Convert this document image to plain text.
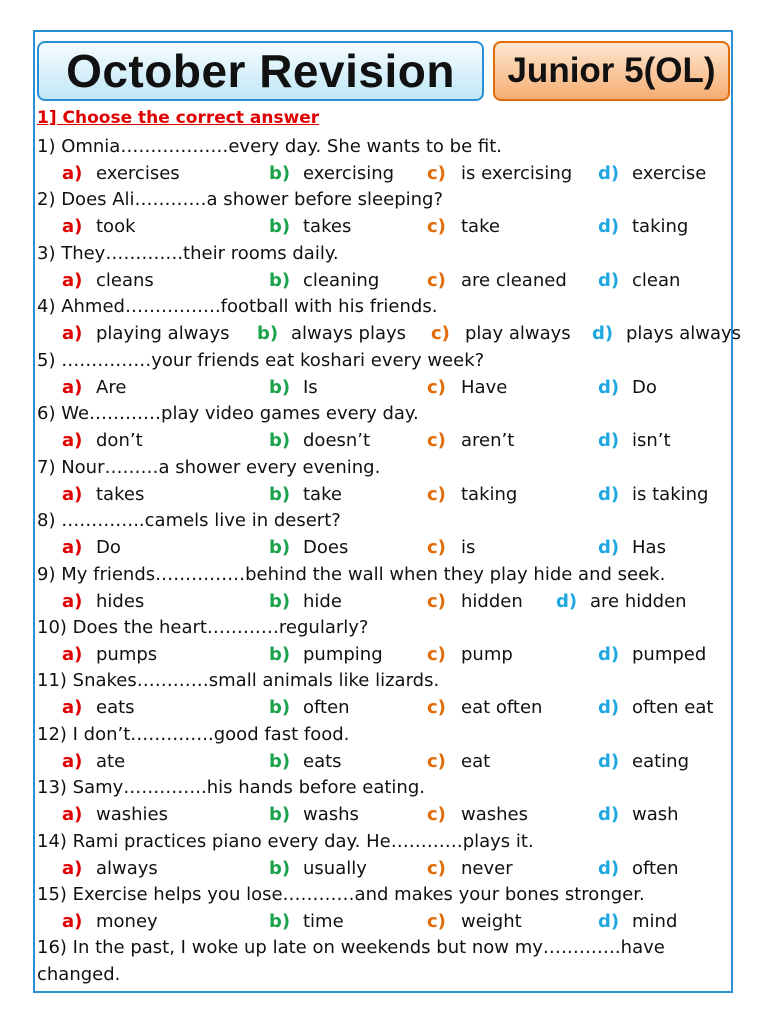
October Revision Junior 5(OL)
1] Choose the correct answer
1) Omnia………………every day. She wants to be fit.
a) exercises	b) exercising c) is exercising d) exercise
2) Does Ali…………a shower before sleeping?
a) took	b) takes	c) take	d) taking
3) They………….their rooms daily.
a) cleans	b) cleaning	c) are cleaned d) clean
4) Ahmed…………….football with his friends.
a) playing always b) always plays c) play always d) plays always
5) ……………your friends eat koshari every week?
a) Are	b) Is	c) Have	d) Do
6) We…………play video games every day.
a) don’t	b) doesn’t	c) aren’t	d) isn’t
7) Nour………a shower every evening.
a) takes	b) take	c) taking	d) is taking
8) …………..camels live in desert?
a) Do	b) Does	c) is	d) Has
9) My friends……………behind the wall when they play hide and seek.
a) hides	b) hide	c) hidden d) are hidden
10) Does the heart…………regularly?
a) pumps	b) pumping c) pump	d) pumped
11) Snakes…………small animals like lizards.
a) eats	b) often	c) eat often	d) often eat
12) I don’t…………..good fast food.
a) ate	b) eats	c) eat	d) eating
13) Samy…………..his hands before eating.
a) washies	b) washs	c) washes	d) wash
14) Rami practices piano every day. He…………plays it.
a) always	b) usually	c) never	d) often
15) Exercise helps you lose…………and makes your bones stronger.
a) money	b) time	c) weight	d) mind
16) In the past, I woke up late on weekends but now my………….have
changed.
